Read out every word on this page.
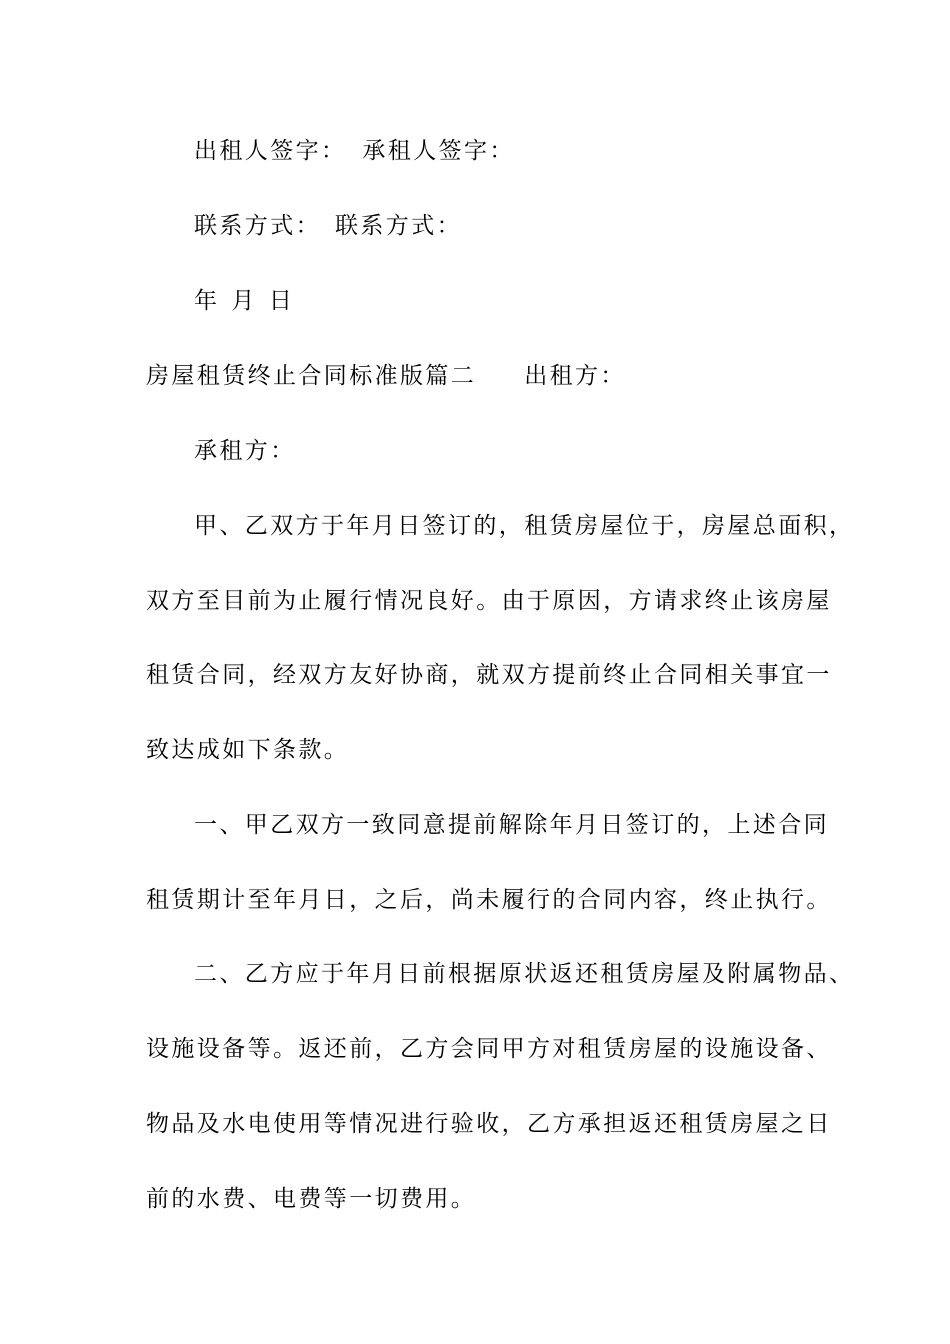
出租人签字： 承租人签字：
联系方式： 联系方式：
年 月 日
房屋租赁终止合同标准版篇二 出租方：
承租方：
甲、乙双方于年月日签订的，租赁房屋位于，房屋总面积，
双方至目前为止履行情况良好。由于原因，方请求终止该房屋
租赁合同，经双方友好协商，就双方提前终止合同相关事宜一
致达成如下条款。
一、甲乙双方一致同意提前解除年月日签订的，上述合同
租赁期计至年月日，之后，尚未履行的合同内容，终止执行。
二、乙方应于年月日前根据原状返还租赁房屋及附属物品、
设施设备等。返还前，乙方会同甲方对租赁房屋的设施设备、
物品及水电使用等情况进行验收，乙方承担返还租赁房屋之日
前的水费、电费等一切费用。
